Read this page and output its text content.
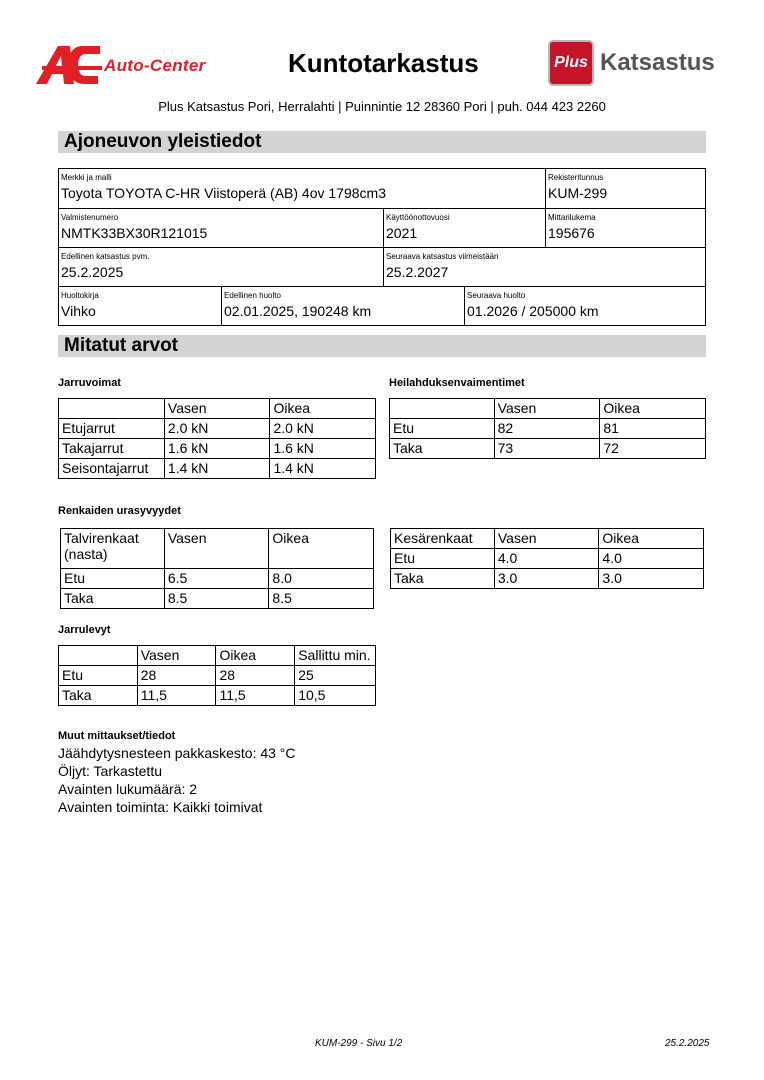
Auto-Center	Kuntotarkastus	Plus Katsastus
Plus Katsastus Pori, Herralahti | Puinnintie 12 28360 Pori | puh. 044 423 2260
Ajoneuvon yleistiedot
Merkki ja malli
Toyota TOYOTA C-HR Viistoperä (AB) 4ov 1798cm3
Rekisteritunnus
KUM-299
Valmistenumero
NMTK33BX30R121015
Käyttöönottovuosi
2021
Mittarilukema
195676
Edellinen katsastus pvm.
25.2.2025
Seuraava katsastus viimeistään
25.2.2027
Huoltokirja
Vihko
Edellinen huolto
02.01.2025, 190248 km
Seuraava huolto
01.2026 / 205000 km
Mitatut arvot
Jarruvoimat	Heilahduksenvaimentimet
	Vasen	Oikea
Etujarrut	2.0 kN	2.0 kN
Takajarrut	1.6 kN	1.6 kN
Seisontajarrut	1.4 kN	1.4 kN
	Vasen	Oikea
Etu	82	81
Taka	73	72
Renkaiden urasyvyydet
Talvirenkaat (nasta)	Vasen	Oikea
Etu	6.5	8.0
Taka	8.5	8.5
Kesärenkaat	Vasen	Oikea
Etu	4.0	4.0
Taka	3.0	3.0
Jarrulevyt
	Vasen	Oikea	Sallittu min.
Etu	28	28	25
Taka	11,5	11,5	10,5
Muut mittaukset/tiedot
Jäähdytysnesteen pakkaskesto: 43 °C
Öljyt: Tarkastettu
Avainten lukumäärä: 2
Avainten toiminta: Kaikki toimivat
KUM-299 - Sivu 1/2	25.2.2025
